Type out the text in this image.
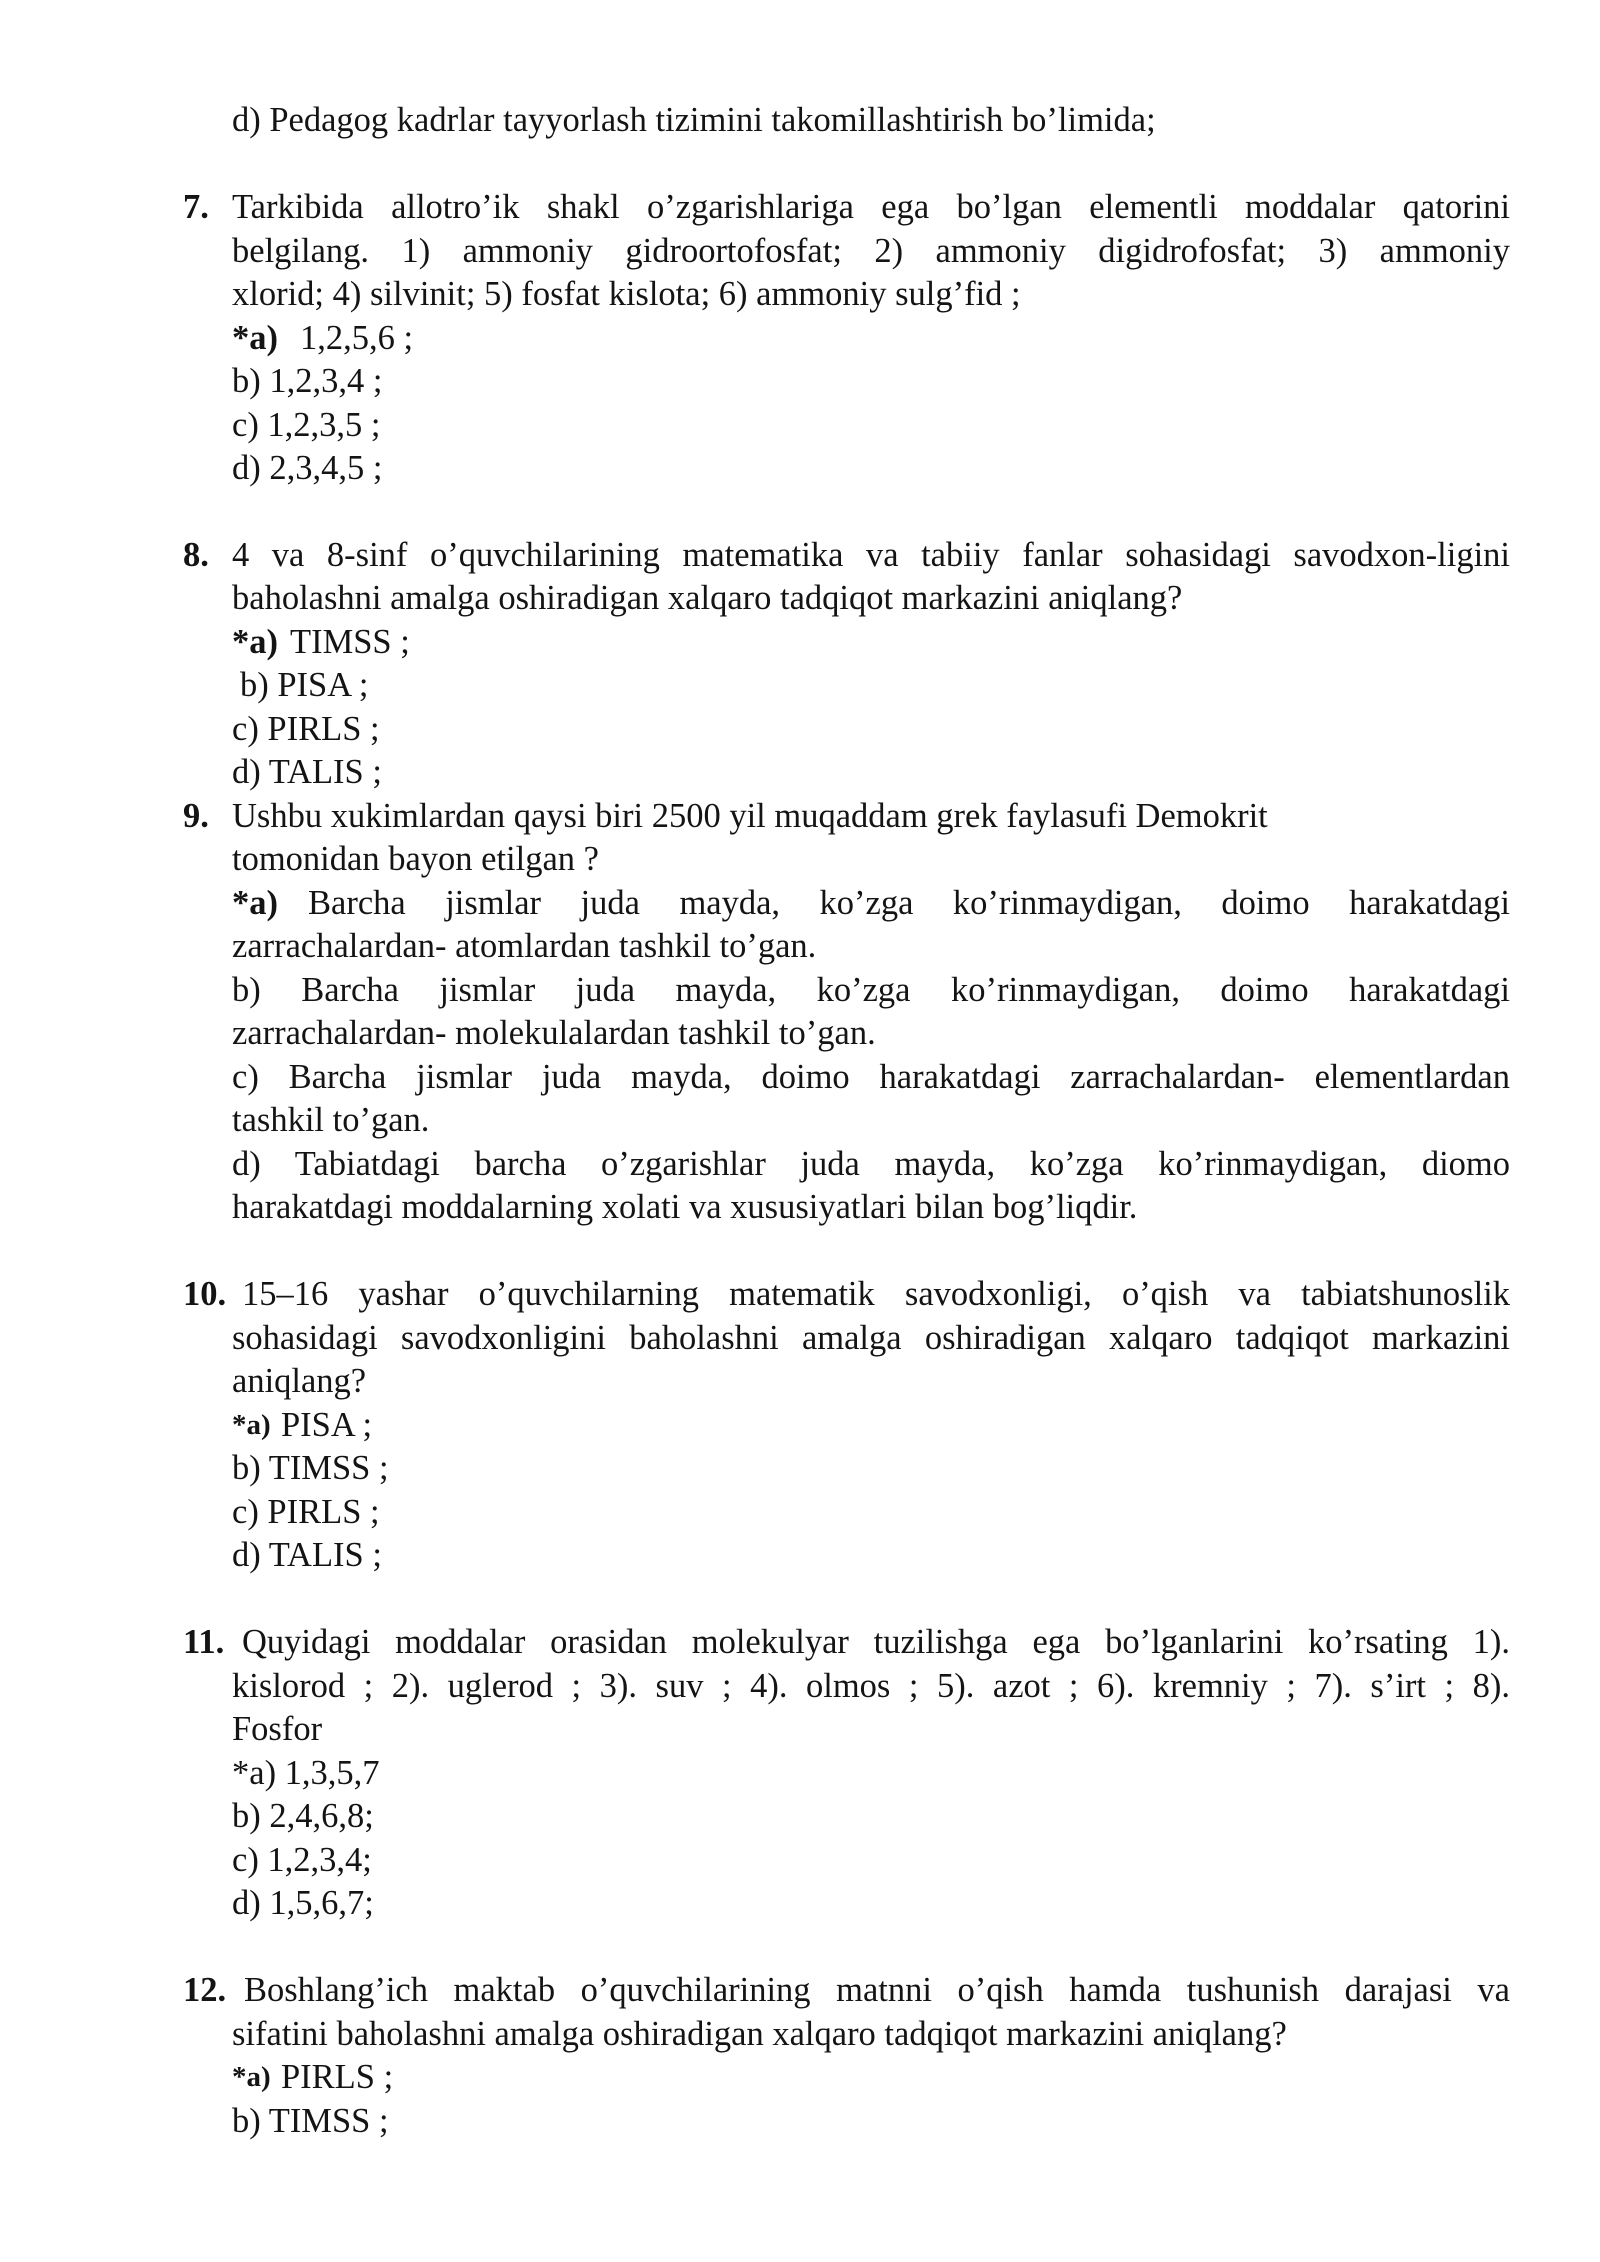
d) Pedagog kadrlar tayyorlash tizimini takomillashtirish bo’limida;
7. Tarkibida allotro’ik shakl o’zgarishlariga ega bo’lgan elementli moddalar qatorini
belgilang. 1) ammoniy gidroortofosfat; 2) ammoniy digidrofosfat; 3) ammoniy
xlorid; 4) silvinit; 5) fosfat kislota; 6) ammoniy sulg’fid ;
*a) 1,2,5,6 ;
b) 1,2,3,4 ;
c) 1,2,3,5 ;
d) 2,3,4,5 ;
8. 4 va 8-sinf o’quvchilarining matematika va tabiiy fanlar sohasidagi savodxon-ligini
baholashni amalga oshiradigan xalqaro tadqiqot markazini aniqlang?
*a) TIMSS ;
b) PISA ;
c) PIRLS ;
d) TALIS ;
9. Ushbu xukimlardan qaysi biri 2500 yil muqaddam grek faylasufi Demokrit
tomonidan bayon etilgan ?
*a) Barcha jismlar juda mayda, ko’zga ko’rinmaydigan, doimo harakatdagi
zarrachalardan- atomlardan tashkil to’gan.
b) Barcha jismlar juda mayda, ko’zga ko’rinmaydigan, doimo harakatdagi
zarrachalardan- molekulalardan tashkil to’gan.
c) Barcha jismlar juda mayda, doimo harakatdagi zarrachalardan- elementlardan
tashkil to’gan.
d) Tabiatdagi barcha o’zgarishlar juda mayda, ko’zga ko’rinmaydigan, diomo
harakatdagi moddalarning xolati va xususiyatlari bilan bog’liqdir.
10. 15–16 yashar o’quvchilarning matematik savodxonligi, o’qish va tabiatshunoslik
sohasidagi savodxonligini baholashni amalga oshiradigan xalqaro tadqiqot markazini
aniqlang?
*a) PISA ;
b) TIMSS ;
c) PIRLS ;
d) TALIS ;
11. Quyidagi moddalar orasidan molekulyar tuzilishga ega bo’lganlarini ko’rsating 1).
kislorod ; 2). uglerod ; 3). suv ; 4). olmos ; 5). azot ; 6). kremniy ; 7). s’irt ; 8).
Fosfor
*a) 1,3,5,7
b) 2,4,6,8;
c) 1,2,3,4;
d) 1,5,6,7;
12. Boshlang’ich maktab o’quvchilarining matnni o’qish hamda tushunish darajasi va
sifatini baholashni amalga oshiradigan xalqaro tadqiqot markazini aniqlang?
*a) PIRLS ;
b) TIMSS ;
